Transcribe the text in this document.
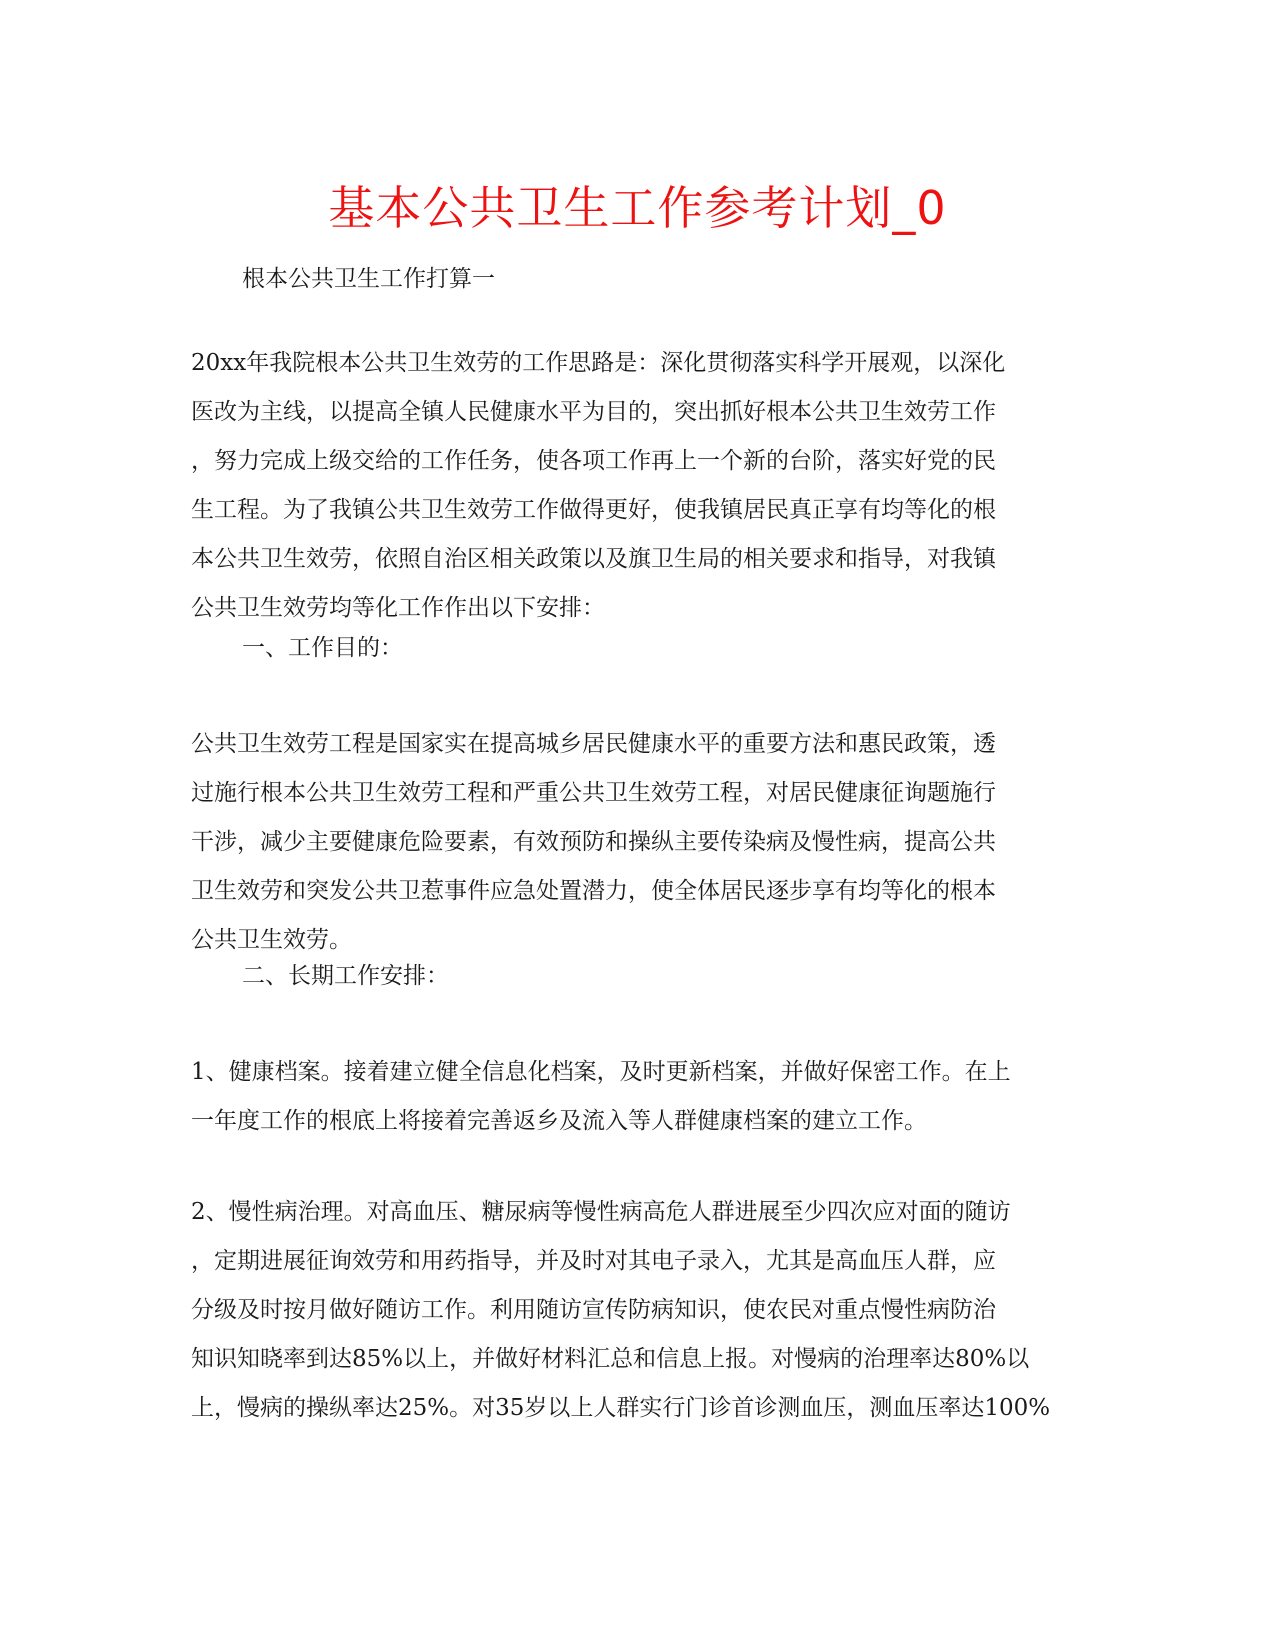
基本公共卫生工作参考计划_0
根本公共卫生工作打算一
20xx年我院根本公共卫生效劳的工作思路是：深化贯彻落实科学开展观，以深化
医改为主线，以提高全镇人民健康水平为目的，突出抓好根本公共卫生效劳工作
，努力完成上级交给的工作任务，使各项工作再上一个新的台阶，落实好党的民
生工程。为了我镇公共卫生效劳工作做得更好，使我镇居民真正享有均等化的根
本公共卫生效劳，依照自治区相关政策以及旗卫生局的相关要求和指导，对我镇
公共卫生效劳均等化工作作出以下安排：
一、工作目的：
公共卫生效劳工程是国家实在提高城乡居民健康水平的重要方法和惠民政策，透
过施行根本公共卫生效劳工程和严重公共卫生效劳工程，对居民健康征询题施行
干涉，减少主要健康危险要素，有效预防和操纵主要传染病及慢性病，提高公共
卫生效劳和突发公共卫惹事件应急处置潜力，使全体居民逐步享有均等化的根本
公共卫生效劳。
二、长期工作安排：
1、健康档案。接着建立健全信息化档案，及时更新档案，并做好保密工作。在上
一年度工作的根底上将接着完善返乡及流入等人群健康档案的建立工作。
2、慢性病治理。对高血压、糖尿病等慢性病高危人群进展至少四次应对面的随访
，定期进展征询效劳和用药指导，并及时对其电子录入，尤其是高血压人群，应
分级及时按月做好随访工作。利用随访宣传防病知识，使农民对重点慢性病防治
知识知晓率到达85%以上，并做好材料汇总和信息上报。对慢病的治理率达80%以
上，慢病的操纵率达25%。对35岁以上人群实行门诊首诊测血压，测血压率达100%
